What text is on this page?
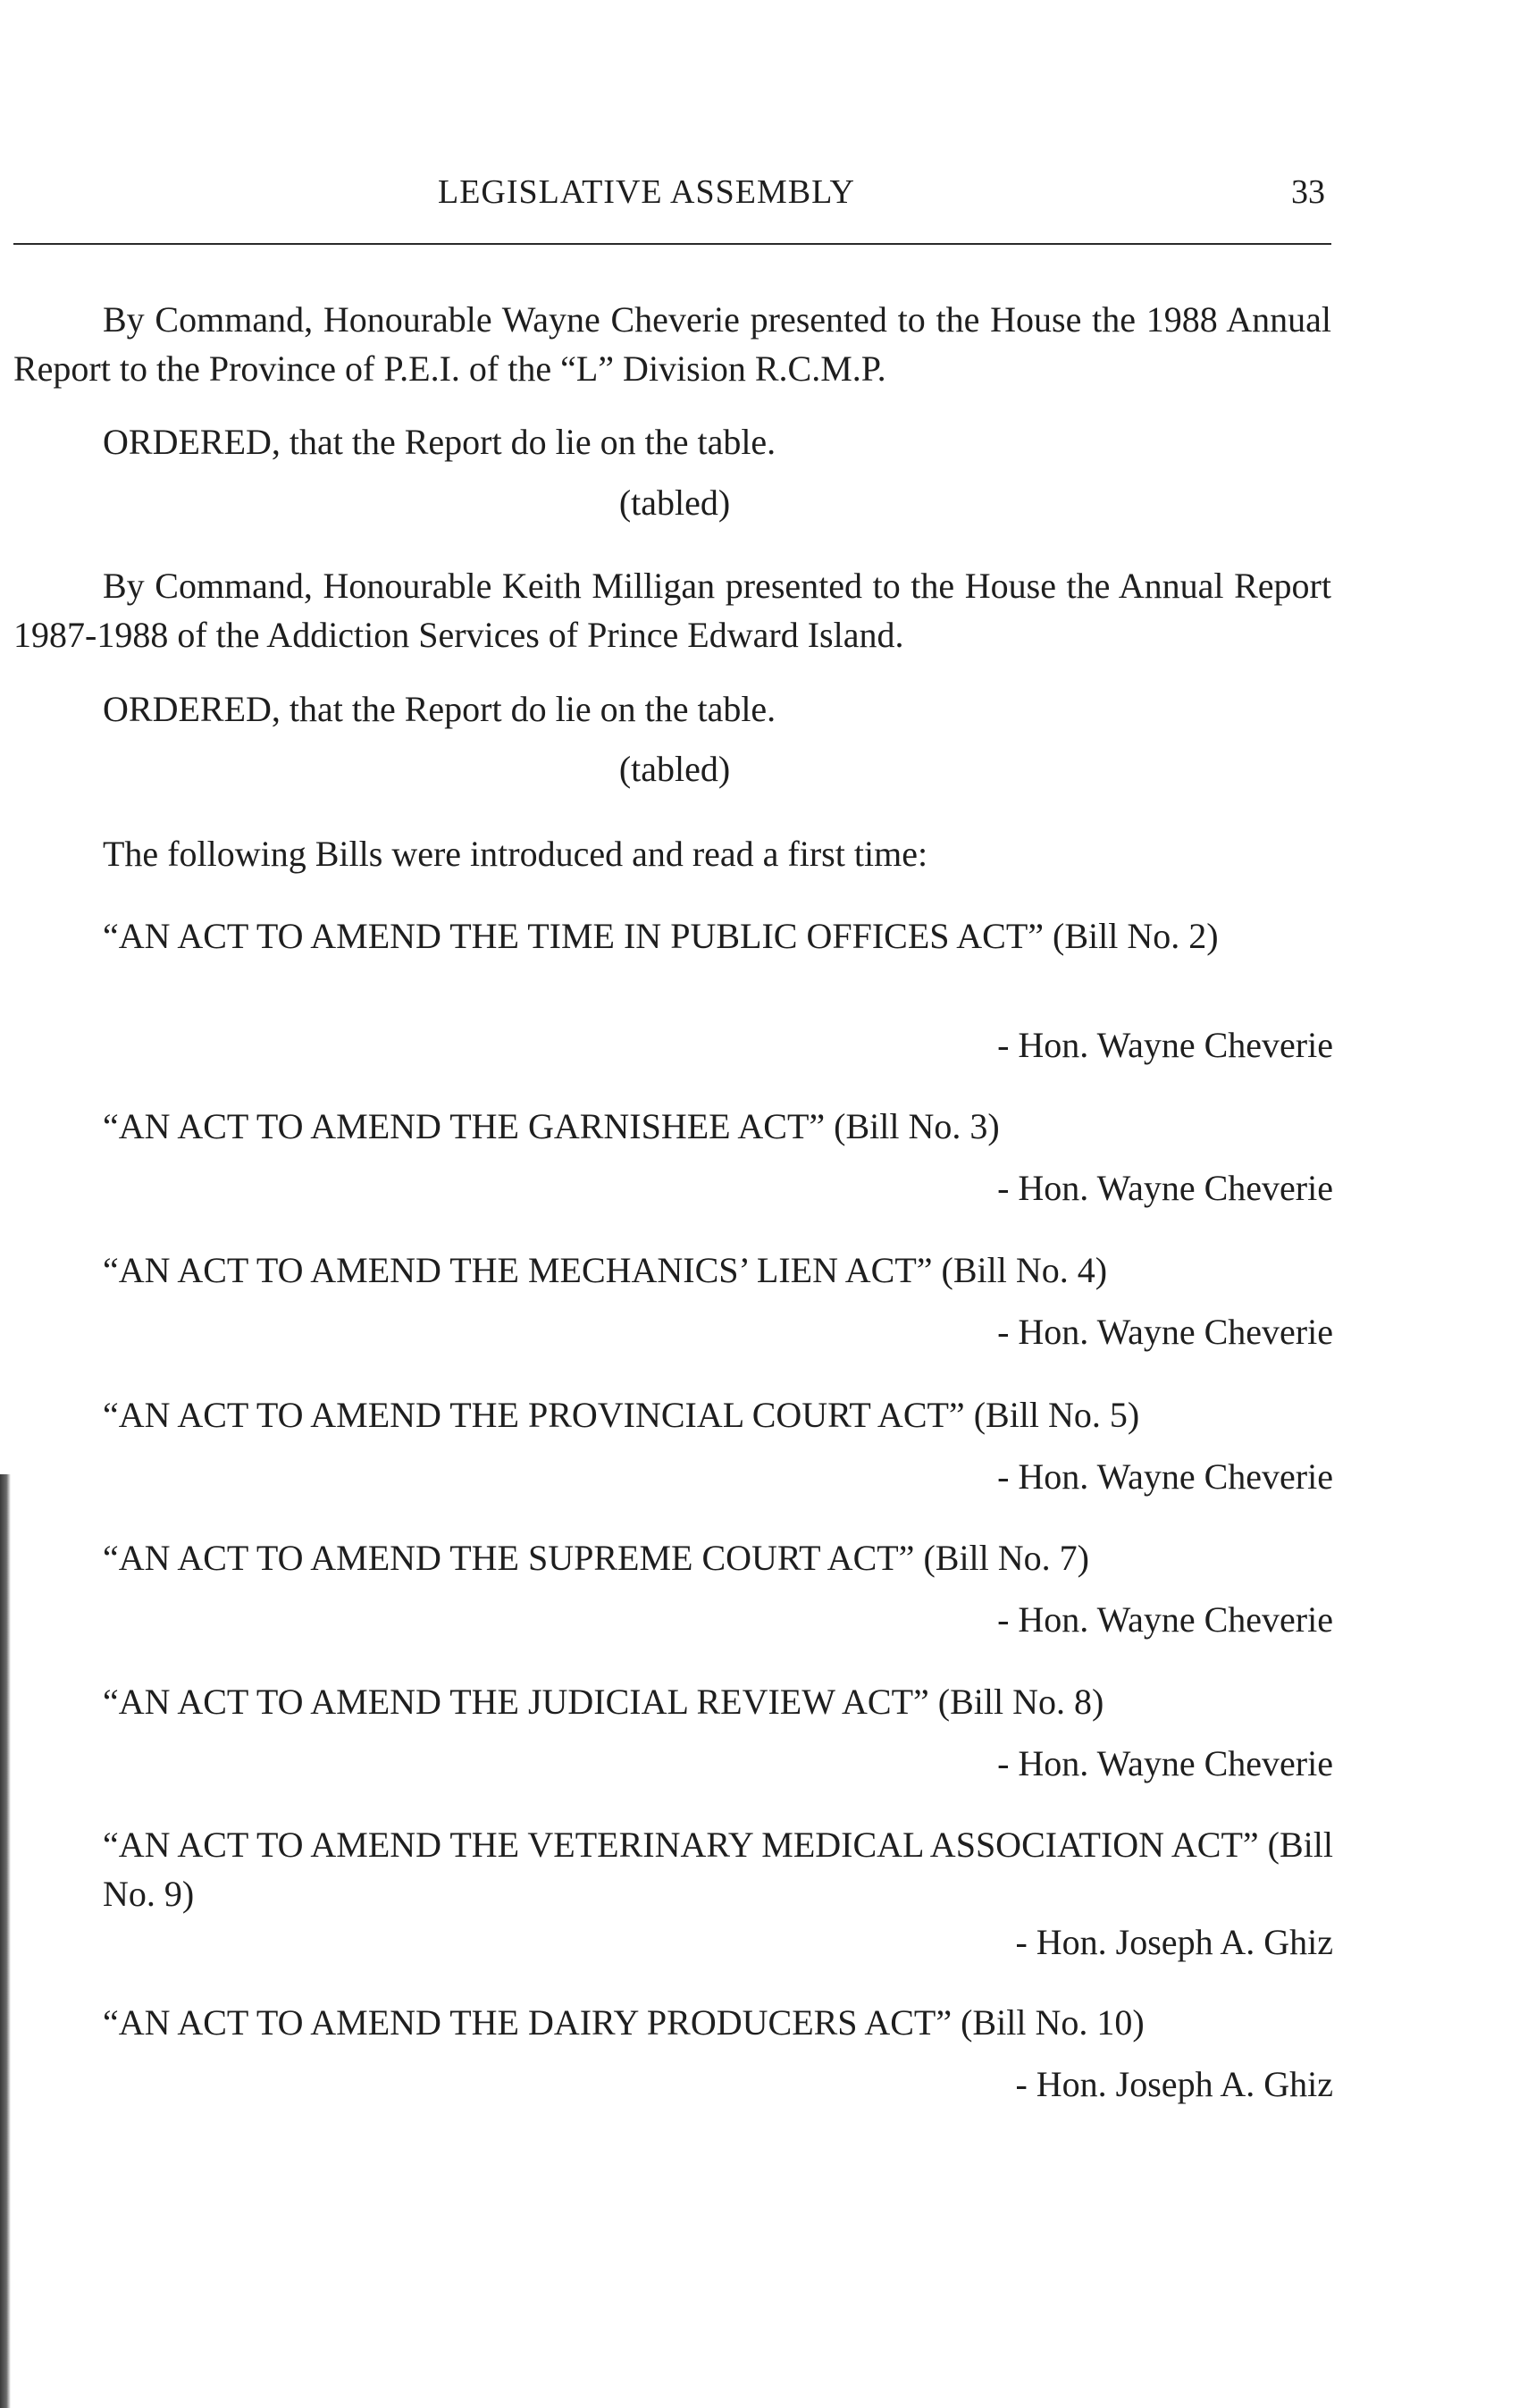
LEGISLATIVE ASSEMBLY	33

By Command, Honourable Wayne Cheverie presented to the House the 1988 Annual Report to the Province of P.E.I. of the “L” Division R.C.M.P.

ORDERED, that the Report do lie on the table.
(tabled)

By Command, Honourable Keith Milligan presented to the House the Annual Report 1987-1988 of the Addiction Services of Prince Edward Island.

ORDERED, that the Report do lie on the table.
(tabled)
The following Bills were introduced and read a first time:

“AN ACT TO AMEND THE TIME IN PUBLIC OFFICES ACT” (Bill No. 2)

- Hon. Wayne Cheverie

“AN ACT TO AMEND THE GARNISHEE ACT” (Bill No. 3)

- Hon. Wayne Cheverie

“AN ACT TO AMEND THE MECHANICS’ LIEN ACT” (Bill No. 4)

- Hon. Wayne Cheverie

“AN ACT TO AMEND THE PROVINCIAL COURT ACT” (Bill No. 5)

- Hon. Wayne Cheverie

“AN ACT TO AMEND THE SUPREME COURT ACT” (Bill No. 7)

- Hon. Wayne Cheverie

“AN ACT TO AMEND THE JUDICIAL REVIEW ACT” (Bill No. 8)

- Hon. Wayne Cheverie

“AN ACT TO AMEND THE VETERINARY MEDICAL ASSOCIATION ACT” (Bill No. 9)

- Hon. Joseph A. Ghiz

“AN ACT TO AMEND THE DAIRY PRODUCERS ACT” (Bill No. 10)

- Hon. Joseph A. Ghiz
